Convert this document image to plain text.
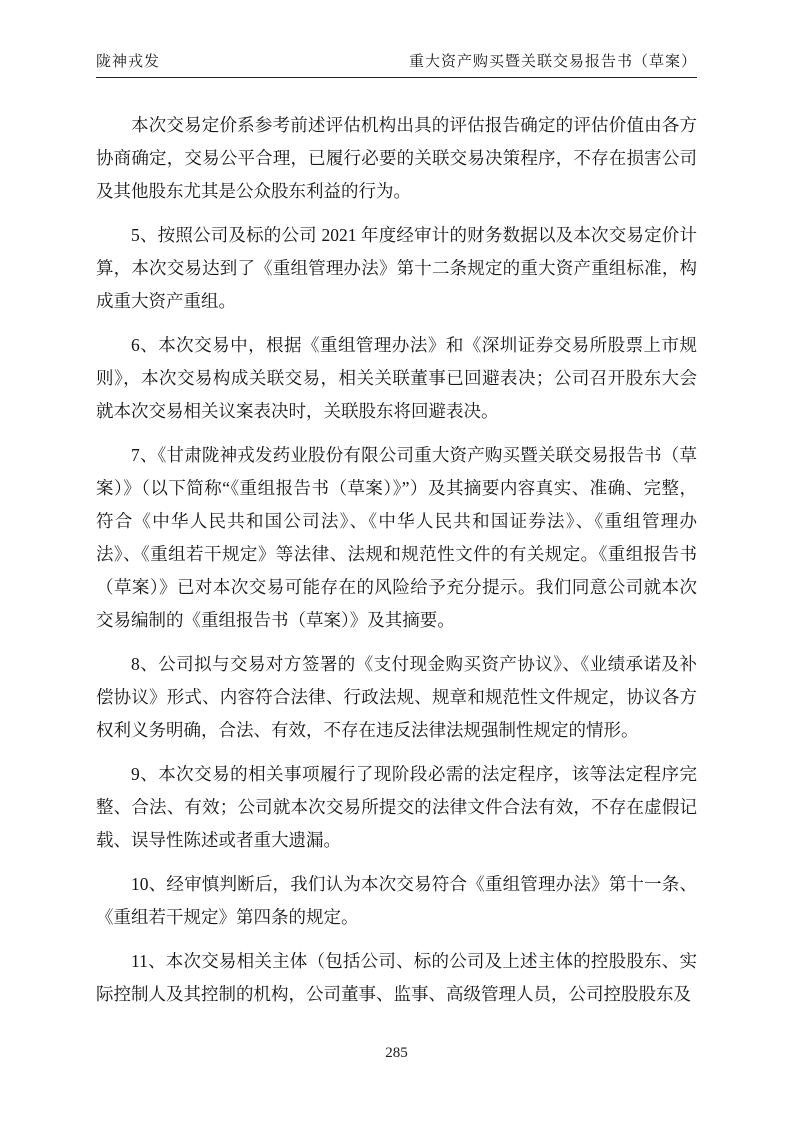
陇神戎发	重大资产购买暨关联交易报告书（草案）

本次交易定价系参考前述评估机构出具的评估报告确定的评估价值由各方协商确定，交易公平合理，已履行必要的关联交易决策程序，不存在损害公司及其他股东尤其是公众股东利益的行为。

5、按照公司及标的公司 2021 年度经审计的财务数据以及本次交易定价计算，本次交易达到了《重组管理办法》第十二条规定的重大资产重组标准，构成重大资产重组。

6、本次交易中，根据《重组管理办法》和《深圳证券交易所股票上市规则》，本次交易构成关联交易，相关关联董事已回避表决；公司召开股东大会就本次交易相关议案表决时，关联股东将回避表决。

7、《甘肃陇神戎发药业股份有限公司重大资产购买暨关联交易报告书（草案）》（以下简称“《重组报告书（草案）》”）及其摘要内容真实、准确、完整，符合《中华人民共和国公司法》、《中华人民共和国证券法》、《重组管理办法》、《重组若干规定》等法律、法规和规范性文件的有关规定。《重组报告书（草案）》已对本次交易可能存在的风险给予充分提示。我们同意公司就本次交易编制的《重组报告书（草案）》及其摘要。

8、公司拟与交易对方签署的《支付现金购买资产协议》、《业绩承诺及补偿协议》形式、内容符合法律、行政法规、规章和规范性文件规定，协议各方权利义务明确，合法、有效，不存在违反法律法规强制性规定的情形。

9、本次交易的相关事项履行了现阶段必需的法定程序，该等法定程序完整、合法、有效；公司就本次交易所提交的法律文件合法有效，不存在虚假记载、误导性陈述或者重大遗漏。

10、经审慎判断后，我们认为本次交易符合《重组管理办法》第十一条、《重组若干规定》第四条的规定。

11、本次交易相关主体（包括公司、标的公司及上述主体的控股股东、实际控制人及其控制的机构，公司董事、监事、高级管理人员，公司控股股东及

285
